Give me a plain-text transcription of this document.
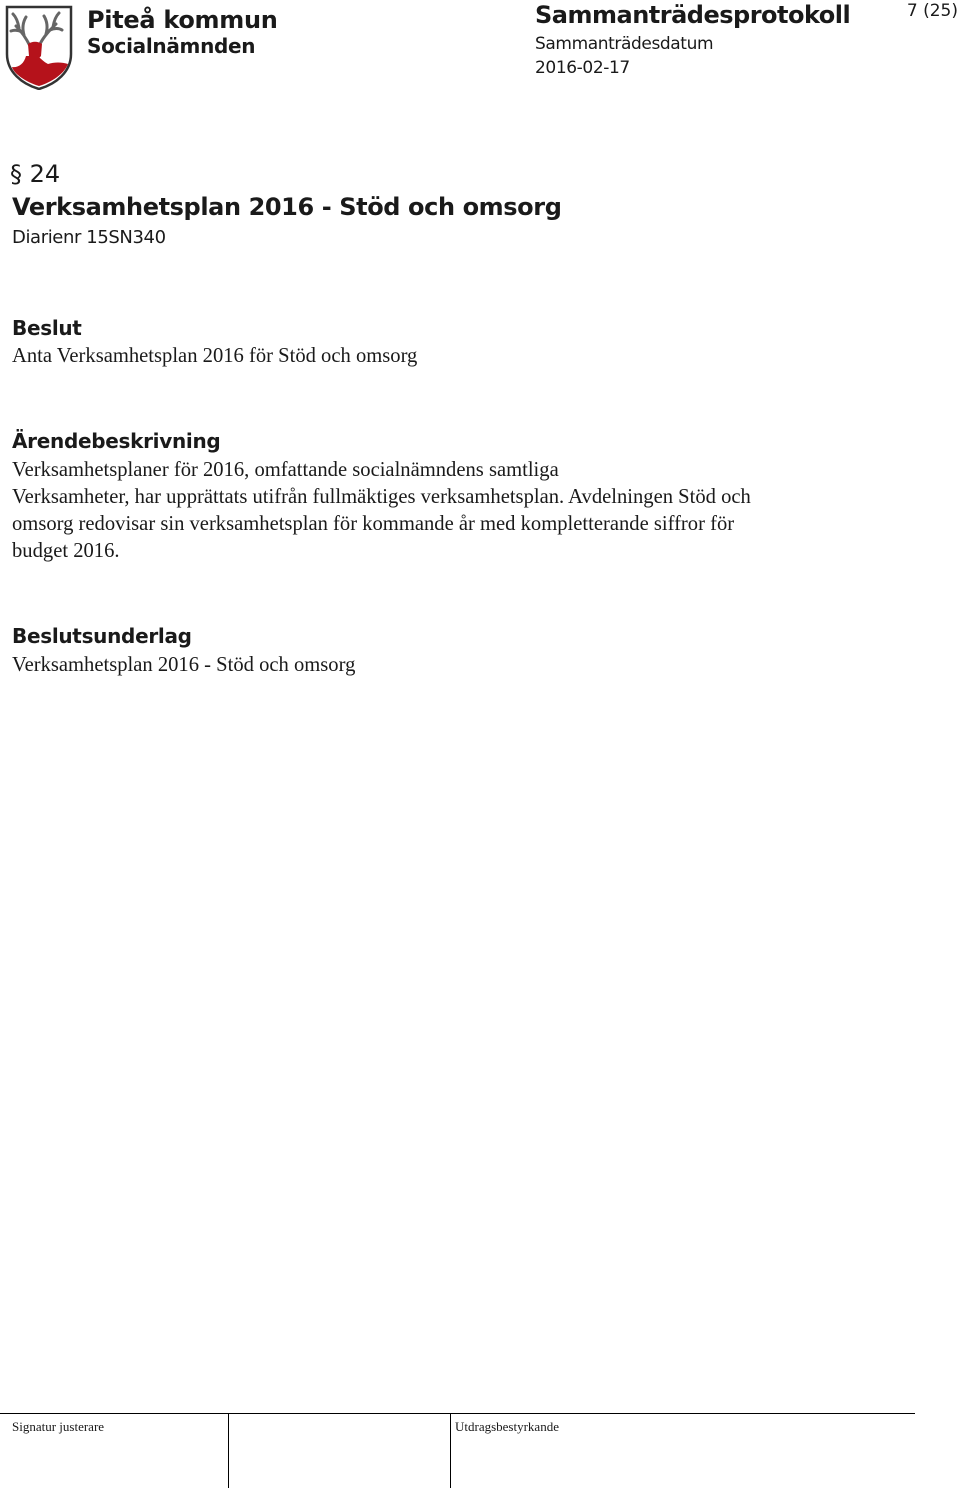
Piteå kommun
Socialnämnden
Sammanträdesprotokoll
Sammanträdesdatum
2016-02-17
7 (25)
§ 24
Verksamhetsplan 2016 - Stöd och omsorg
Diarienr 15SN340
Beslut
Anta Verksamhetsplan 2016 för Stöd och omsorg
Ärendebeskrivning
Verksamhetsplaner för 2016, omfattande socialnämndens samtliga
Verksamheter, har upprättats utifrån fullmäktiges verksamhetsplan. Avdelningen Stöd och
omsorg redovisar sin verksamhetsplan för kommande år med kompletterande siffror för
budget 2016.
Beslutsunderlag
Verksamhetsplan 2016 - Stöd och omsorg
Signatur justerare	Utdragsbestyrkande
